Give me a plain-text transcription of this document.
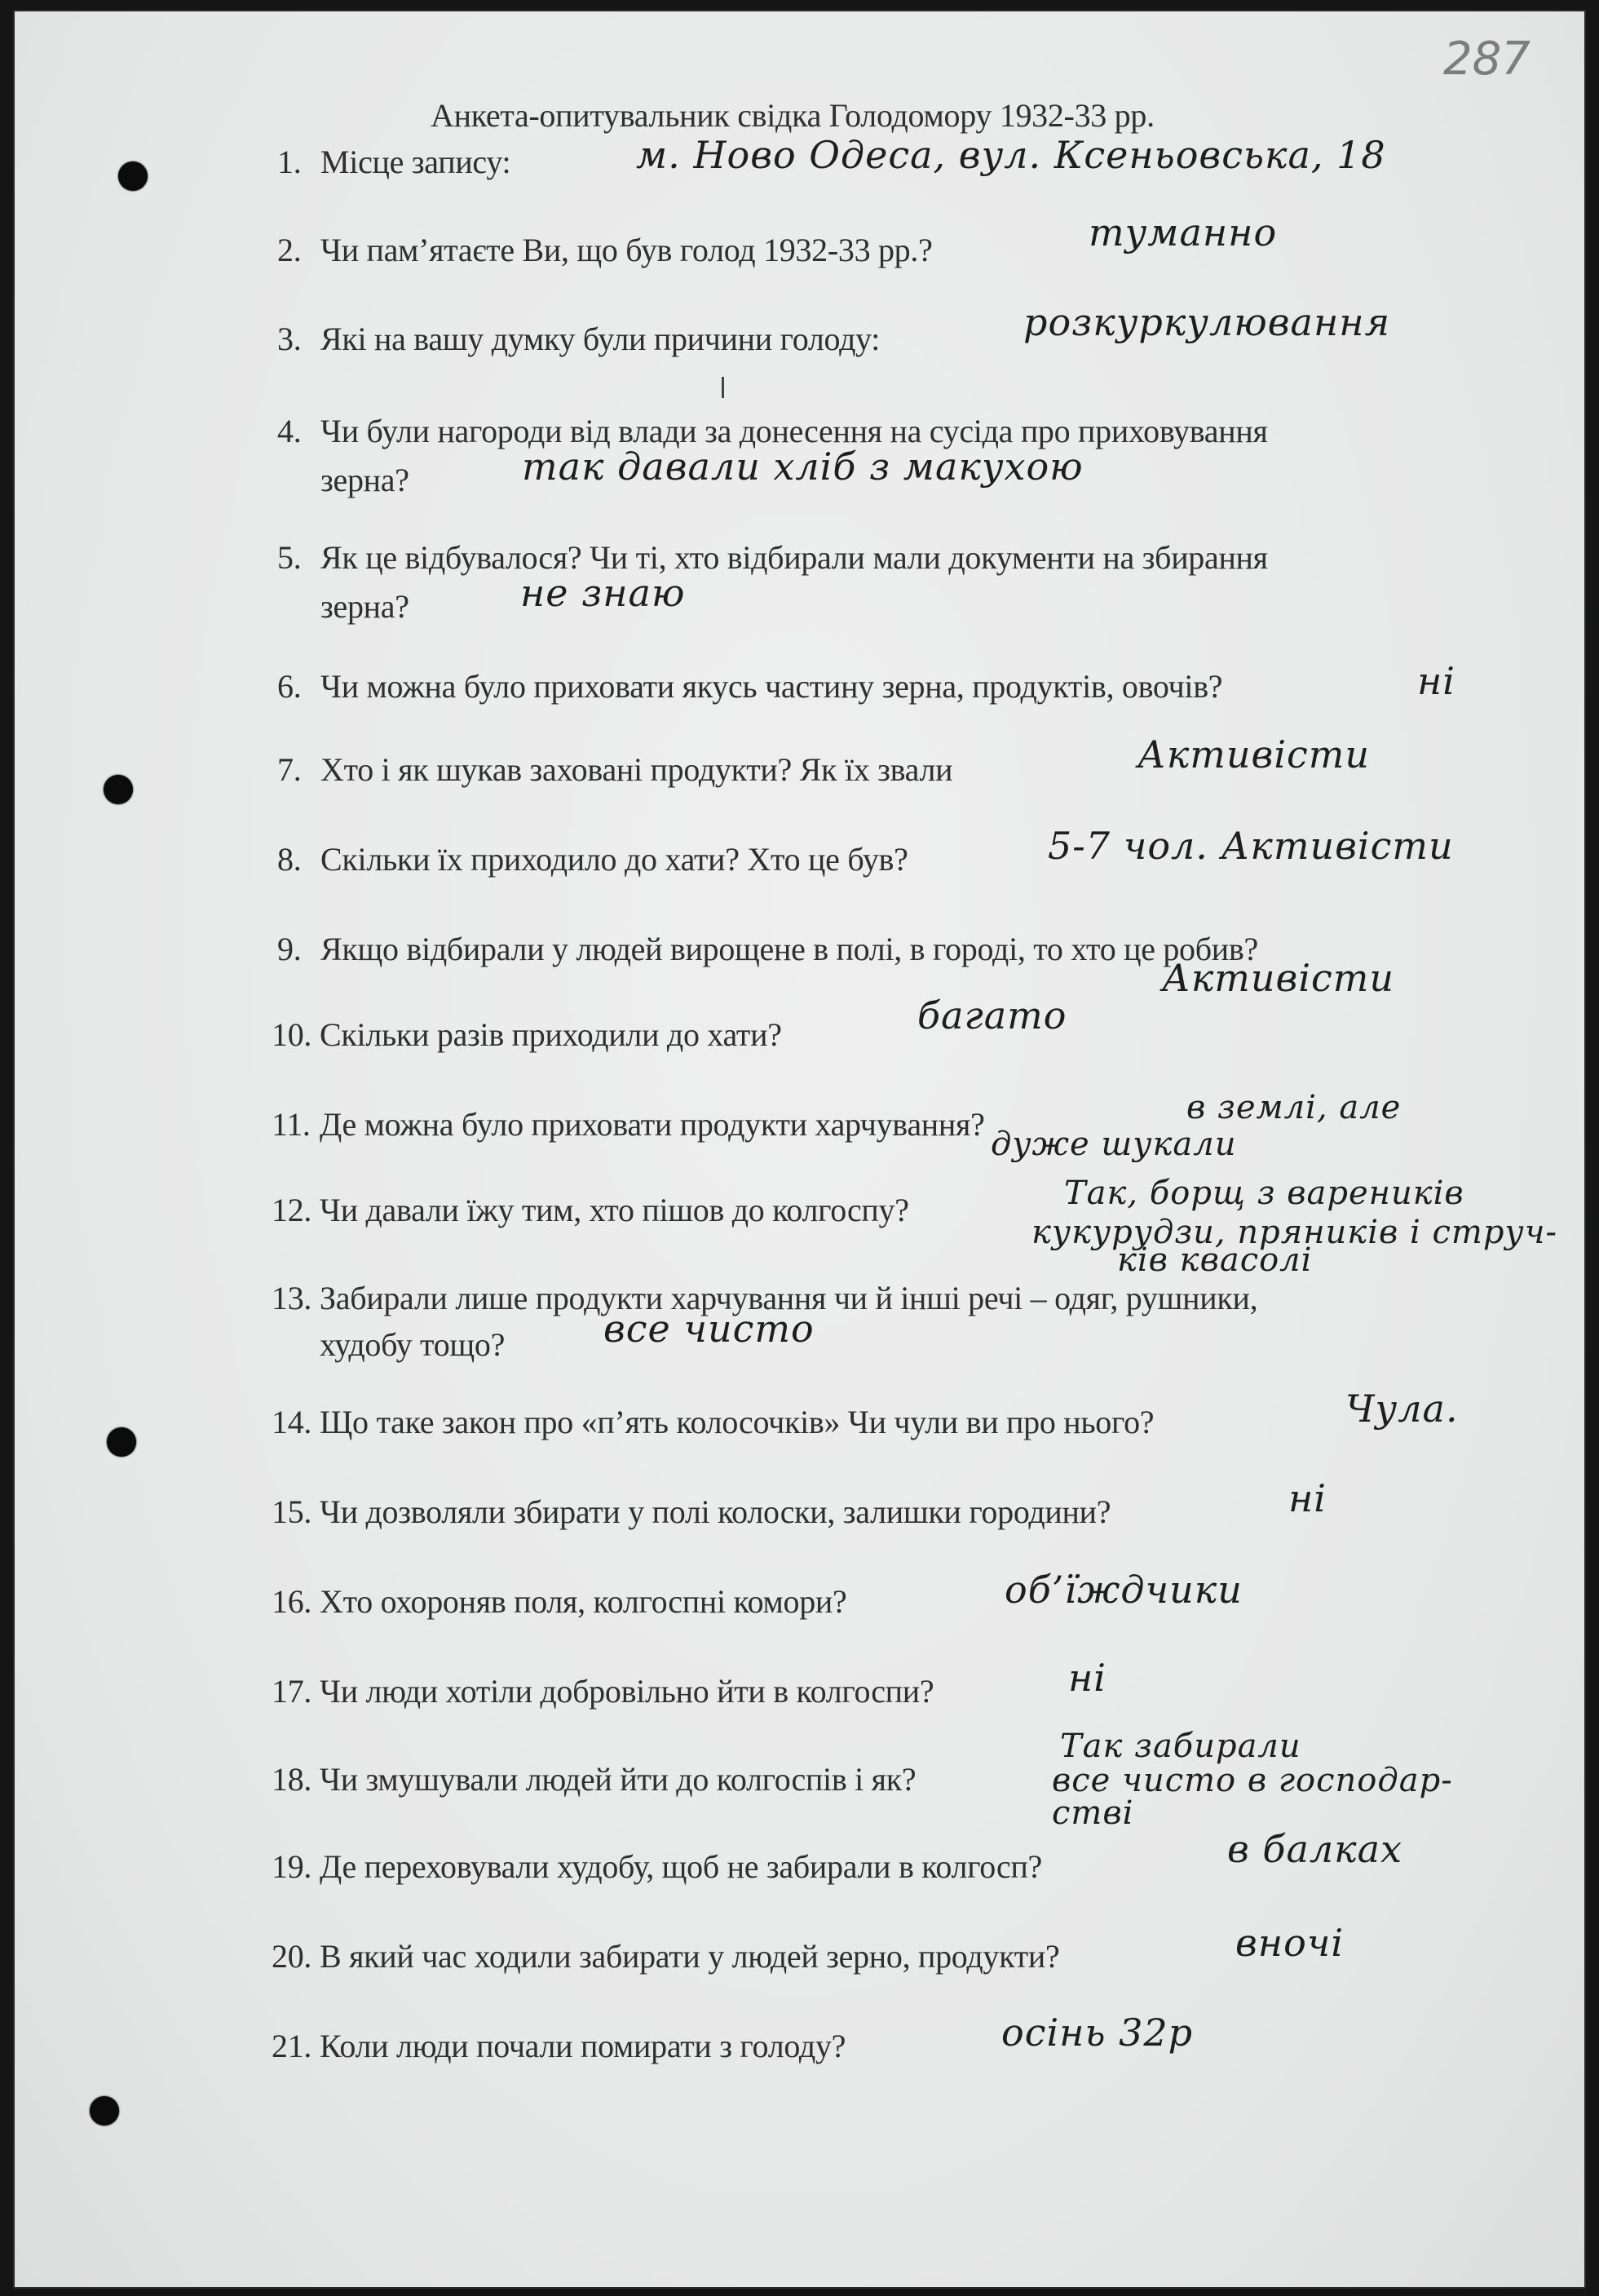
287
Анкета-опитувальник свідка Голодомору 1932-33 рр.
1. Місце запису:	м. Ново Одеса, вул. Ксеньовська, 18
2. Чи пам’ятаєте Ви, що був голод 1932-33 рр.?	туманно
3. Які на вашу думку були причини голоду:	розкуркулювання
4. Чи були нагороди від влади за донесення на сусіда про приховування
зерна?	так давали хліб з макухою
5. Як це відбувалося? Чи ті, хто відбирали мали документи на збирання
зерна?	не знаю
6. Чи можна було приховати якусь частину зерна, продуктів, овочів?	ні
7. Хто і як шукав заховані продукти? Як їх звали	Активісти
8. Скільки їх приходило до хати? Хто це був?	5-7 чол. Активісти
9. Якщо відбирали у людей вирощене в полі, в городі, то хто це робив?
Активісти
10. Скільки разів приходили до хати?	багато
11. Де можна було приховати продукти харчування?	в землі, але
дуже шукали
12. Чи давали їжу тим, хто пішов до колгоспу?	Так, борщ з вареників
кукурудзи, пряників і струч-
ків квасолі
13. Забирали лише продукти харчування чи й інші речі – одяг, рушники,
худобу тощо?	все чисто
14. Що таке закон про «п’ять колосочків» Чи чули ви про нього?	Чула.
15. Чи дозволяли збирати у полі колоски, залишки городини?	ні
16. Хто охороняв поля, колгоспні комори?	об’їждчики
17. Чи люди хотіли добровільно йти в колгоспи?	ні
18. Чи змушували людей йти до колгоспів і як?
Так забирали
все чисто в господар-
стві
19. Де переховували худобу, щоб не забирали в колгосп?	в балках
20. В який час ходили забирати у людей зерно, продукти?	вночі
21. Коли люди почали помирати з голоду?	осінь 32р
